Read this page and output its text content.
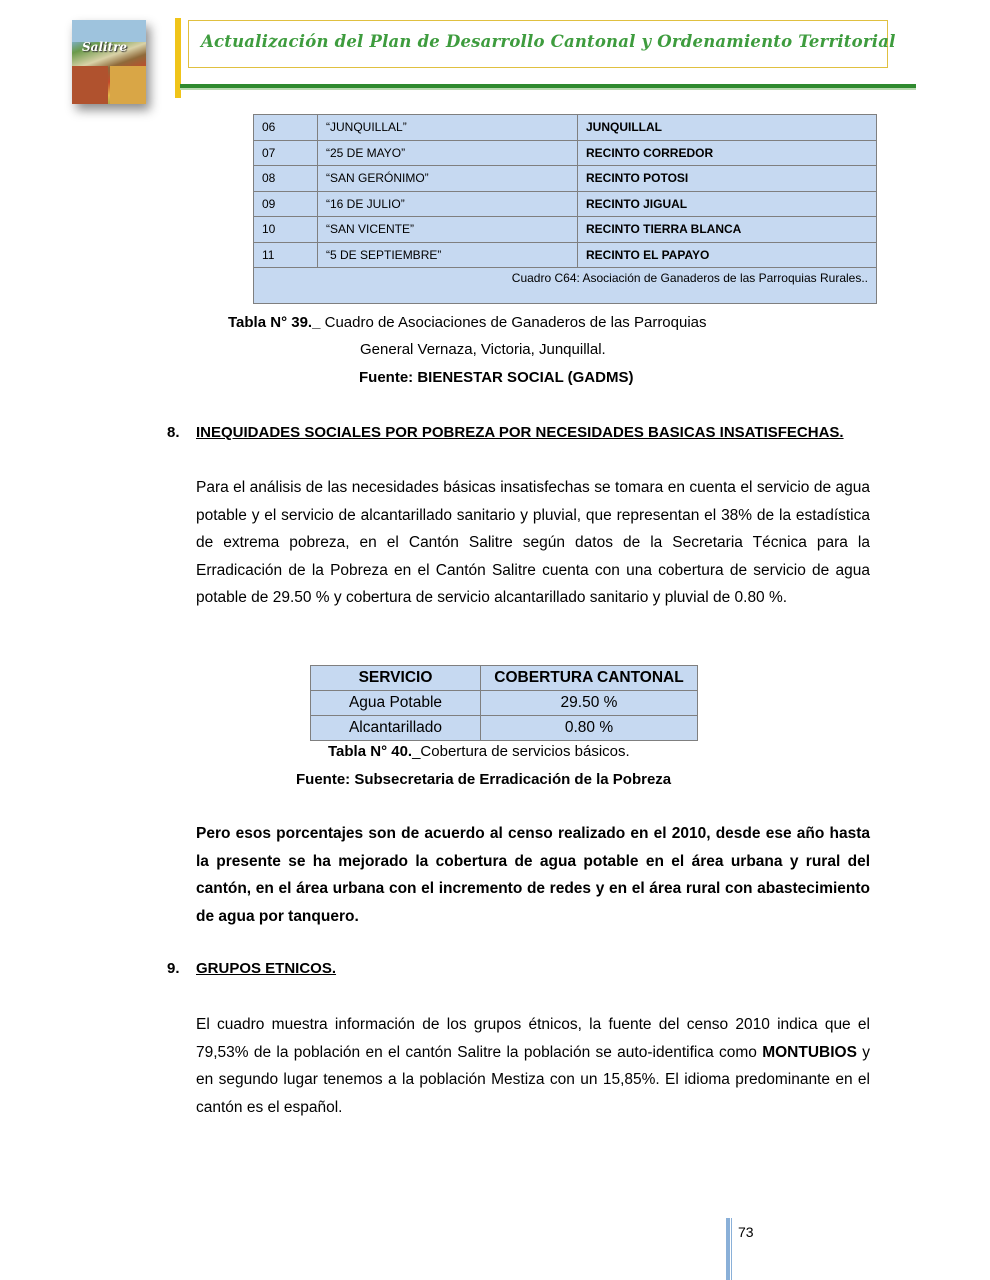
Salitre	Actualización del Plan de Desarrollo Cantonal y Ordenamiento Territorial
06	“JUNQUILLAL”	JUNQUILLAL
07	“25 DE MAYO”	RECINTO CORREDOR
08	“SAN GERÓNIMO”	RECINTO POTOSI
09	“16 DE JULIO”	RECINTO JIGUAL
10	“SAN VICENTE”	RECINTO TIERRA BLANCA
11	“5 DE SEPTIEMBRE”	RECINTO EL PAPAYO
Cuadro C64: Asociación de Ganaderos de las Parroquias Rurales..		
Tabla N° 39._ Cuadro de Asociaciones de Ganaderos de las Parroquias
General Vernaza, Victoria, Junquillal.
Fuente: BIENESTAR SOCIAL (GADMS)
8. INEQUIDADES SOCIALES POR POBREZA POR NECESIDADES BASICAS INSATISFECHAS.
Para el análisis de las necesidades básicas insatisfechas se tomara en cuenta el servicio de agua potable y el servicio de alcantarillado sanitario y pluvial, que representan el 38% de la estadística de extrema pobreza, en el Cantón Salitre según datos de la Secretaria Técnica para la Erradicación de la Pobreza en el Cantón Salitre cuenta con una cobertura de servicio de agua potable de 29.50 % y cobertura de servicio alcantarillado sanitario y pluvial de 0.80 %.
SERVICIO	COBERTURA CANTONAL
Agua Potable	29.50 %
Alcantarillado	0.80 %
Tabla N° 40._Cobertura de servicios básicos.
Fuente: Subsecretaria de Erradicación de la Pobreza
Pero esos porcentajes son de acuerdo al censo realizado en el 2010, desde ese año hasta la presente se ha mejorado la cobertura de agua potable en el área urbana y rural del cantón, en el área urbana con el incremento de redes y en el área rural con abastecimiento de agua por tanquero.
9. GRUPOS ETNICOS.
El cuadro muestra información de los grupos étnicos, la fuente del censo 2010 indica que el 79,53% de la población en el cantón Salitre la población se auto-identifica como MONTUBIOS y en segundo lugar tenemos a la población Mestiza con un 15,85%. El idioma predominante en el cantón es el español.
73
